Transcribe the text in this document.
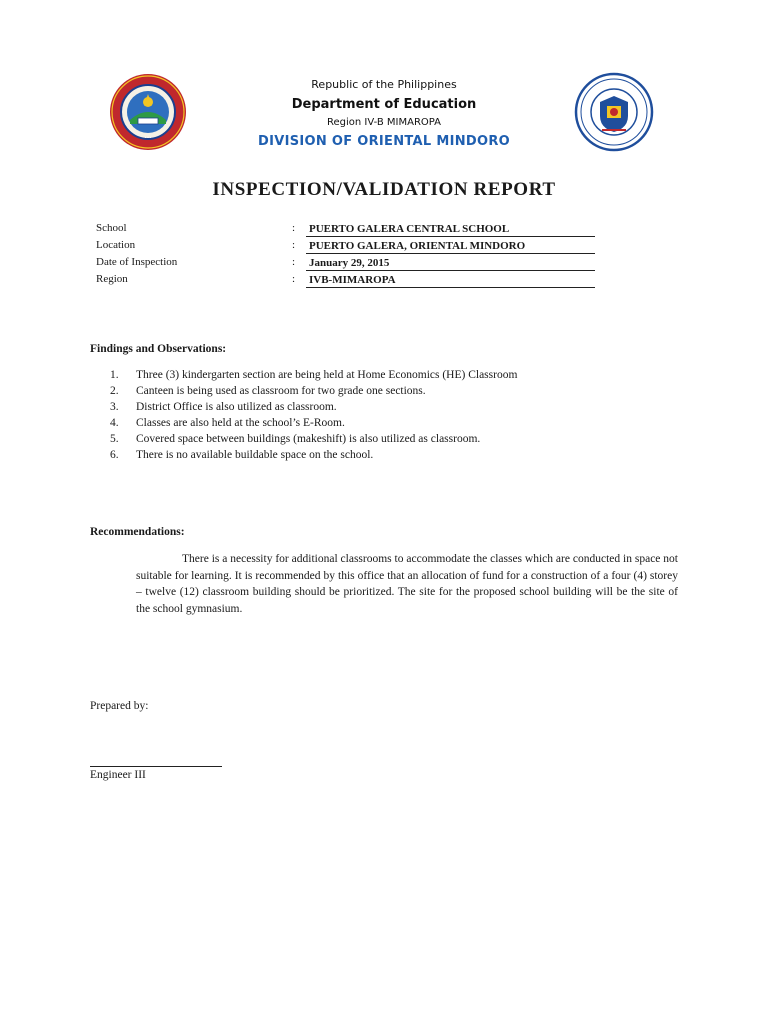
•••
Republic of the Philippines
Department of Education
Region IV-B MIMAROPA
DIVISION OF ORIENTAL MINDORO
INSPECTION/VALIDATION REPORT
School	: PUERTO GALERA CENTRAL SCHOOL
Location	: PUERTO GALERA, ORIENTAL MINDORO
Date of Inspection	: January 29, 2015
Region	: IVB-MIMAROPA
Findings and Observations:

1. Three (3) kindergarten section are being held at Home Economics (HE) Classroom

2. Canteen is being used as classroom for two grade one sections.

3. District Office is also utilized as classroom.

4. Classes are also held at the school’s E-Room.

5. Covered space between buildings (makeshift) is also utilized as classroom.

6. There is no available buildable space on the school.

Recommendations:
There is a necessity for additional classrooms to accommodate the classes which are conducted in space not suitable for learning. It is recommended by this office that an allocation of fund for a construction of a four (4) storey – twelve (12) classroom building should be prioritized. The site for the proposed school building will be the site of the school gymnasium.
Prepared by:
Engineer III
